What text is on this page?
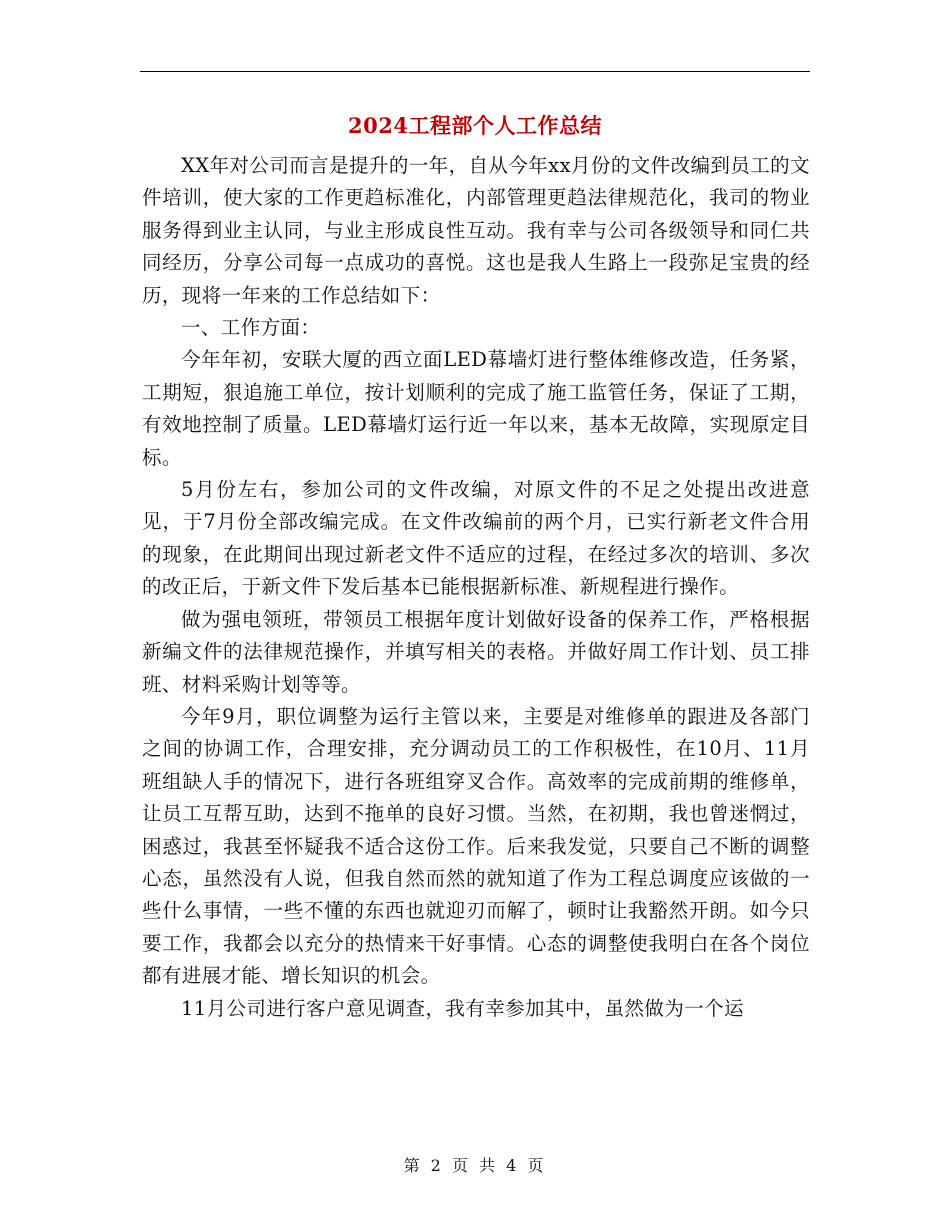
2024工程部个人工作总结

XX年对公司而言是提升的一年，自从今年xx月份的文件改编到员工的文件培训，使大家的工作更趋标准化，内部管理更趋法律规范化，我司的物业服务得到业主认同，与业主形成良性互动。我有幸与公司各级领导和同仁共同经历，分享公司每一点成功的喜悦。这也是我人生路上一段弥足宝贵的经历，现将一年来的工作总结如下：

一、工作方面：

今年年初，安联大厦的西立面LED幕墙灯进行整体维修改造，任务紧，工期短，狠追施工单位，按计划顺利的完成了施工监管任务，保证了工期，有效地控制了质量。LED幕墙灯运行近一年以来，基本无故障，实现原定目标。

5月份左右，参加公司的文件改编，对原文件的不足之处提出改进意见，于7月份全部改编完成。在文件改编前的两个月，已实行新老文件合用的现象，在此期间出现过新老文件不适应的过程，在经过多次的培训、多次的改正后，于新文件下发后基本已能根据新标准、新规程进行操作。

做为强电领班，带领员工根据年度计划做好设备的保养工作，严格根据新编文件的法律规范操作，并填写相关的表格。并做好周工作计划、员工排班、材料采购计划等等。

今年9月，职位调整为运行主管以来，主要是对维修单的跟进及各部门之间的协调工作，合理安排，充分调动员工的工作积极性，在10月、11月班组缺人手的情况下，进行各班组穿叉合作。高效率的完成前期的维修单，让员工互帮互助，达到不拖单的良好习惯。当然，在初期，我也曾迷惘过，困惑过，我甚至怀疑我不适合这份工作。后来我发觉，只要自己不断的调整心态，虽然没有人说，但我自然而然的就知道了作为工程总调度应该做的一些什么事情，一些不懂的东西也就迎刃而解了，顿时让我豁然开朗。如今只要工作，我都会以充分的热情来干好事情。心态的调整使我明白在各个岗位都有进展才能、增长知识的机会。

11月公司进行客户意见调查，我有幸参加其中，虽然做为一个运

第 2 页 共 4 页
